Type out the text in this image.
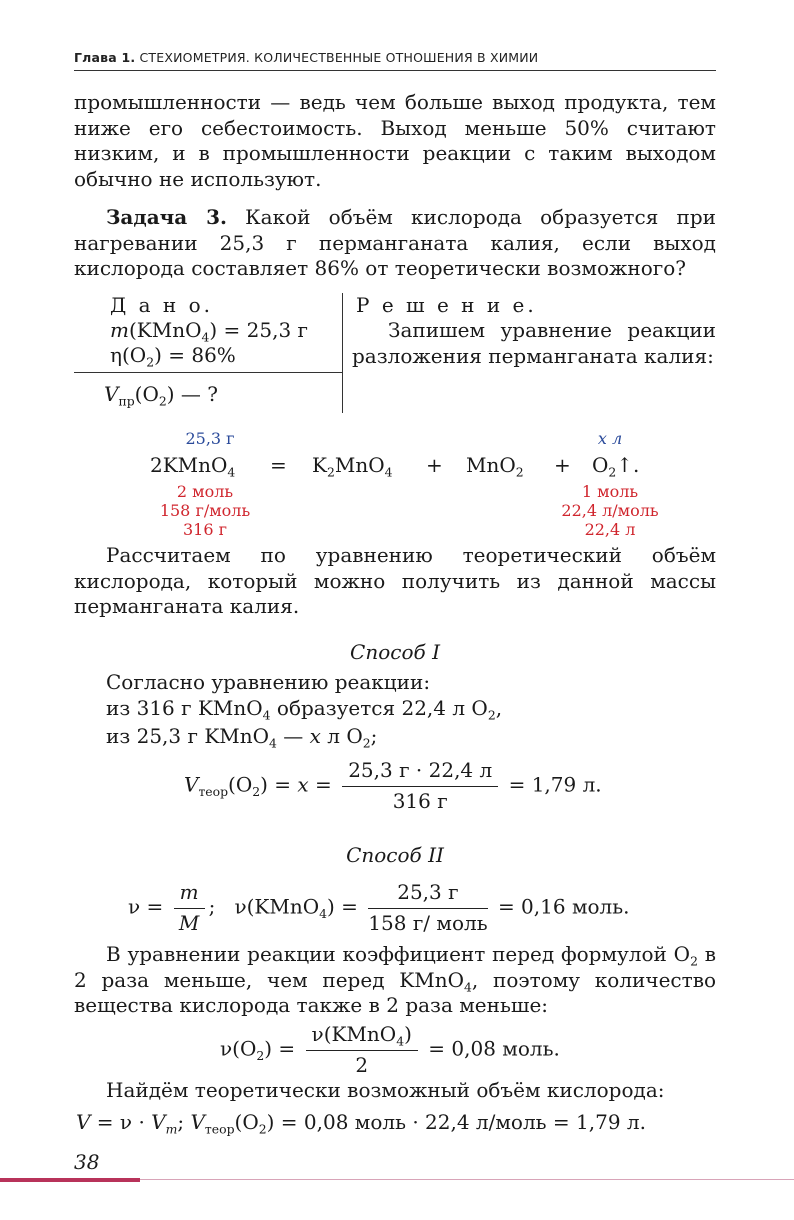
Глава 1. СТЕХИОМЕТРИЯ. КОЛИЧЕСТВЕННЫЕ ОТНОШЕНИЯ В ХИМИИ
промышленности — ведь чем больше выход продукта, тем ниже его себестоимость. Выход меньше 50% считают низким, и в промышленности реакции с таким выходом обычно не используют.
Задача 3. Какой объём кислорода образуется при нагревании 25,3 г перманганата калия, если выход кислорода составляет 86% от теоретически возможного?
Д а н о.
m(KMnO$_4$) = 25,3 г
$\eta(O_2) = 86\%$
$V_{пр}(O_2)$ — ?
Р е ш е н и е.
Запишем уравнение реакции разложения перманганата калия:
25,3 г	x л
2KMnO$_4$ = $K_2MnO_4 + MnO_2$ + $O_2↑$.
2 моль
158 г/моль
316 г
1 моль
22,4 л/моль
22,4 л
Рассчитаем по уравнению теоретический объём кислорода, который можно получить из данной массы перманганата калия.
Способ I
Согласно уравнению реакции:
из 316 г KMnO$_4$ образуется 22,4 л $O_2$,
из 25,3 г KMnO$_4$ — x л $O_2$;
$V_{теор}(O_2) = x = \frac{25,3 г \cdot 22,4 л}{316 г} = 1,79$ л.
Способ II
$\nu = \frac{m}{M}$ ; ν(KMnO$_4$) = $\frac{25,3 г}{\text{158 г/ моль}} = 0,16$ моль.
В уравнении реакции коэффициент перед формулой $O_2$ в 2 раза меньше, чем перед KMnO$_4$, поэтому количество вещества кислорода также в 2 раза меньше:
$\nu(O_2) = \frac{\nu(KMnO_4)}{2} = 0,08$ моль.
Найдём теоретически возможный объём кислорода:
$V = \nu \cdot V_m$; $V_{теор}(O_2) = 0,08$ моль · 22,4 л/моль = 1,79 л.
38
